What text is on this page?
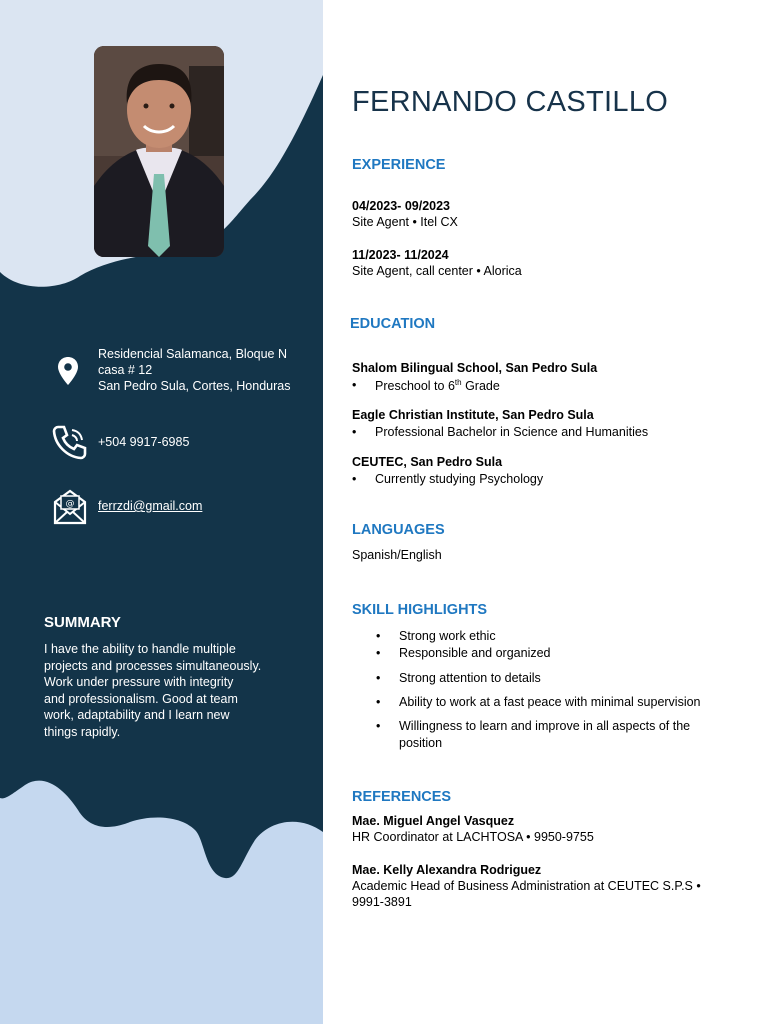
Residencial Salamanca, Bloque N
casa # 12
San Pedro Sula, Cortes, Honduras
+504 9917-6985
@ ferrzdi@gmail.com
SUMMARY
I have the ability to handle multiple
projects and processes simultaneously.
Work under pressure with integrity
and professionalism. Good at team
work, adaptability and I learn new
things rapidly.
FERNANDO CASTILLO
EXPERIENCE
04/2023- 09/2023
Site Agent • Itel CX
11/2023- 11/2024
Site Agent, call center • Alorica
EDUCATION
Shalom Bilingual School, San Pedro Sula
• Preschool to 6th Grade
Eagle Christian Institute, San Pedro Sula
• Professional Bachelor in Science and Humanities
CEUTEC, San Pedro Sula
• Currently studying Psychology
LANGUAGES
Spanish/English
SKILL HIGHLIGHTS
• Strong work ethic
• Responsible and organized
• Strong attention to details
• Ability to work at a fast peace with minimal supervision
• Willingness to learn and improve in all aspects of the position
REFERENCES
Mae. Miguel Angel Vasquez
HR Coordinator at LACHTOSA • 9950-9755
Mae. Kelly Alexandra Rodriguez
Academic Head of Business Administration at CEUTEC S.P.S •
9991-3891
